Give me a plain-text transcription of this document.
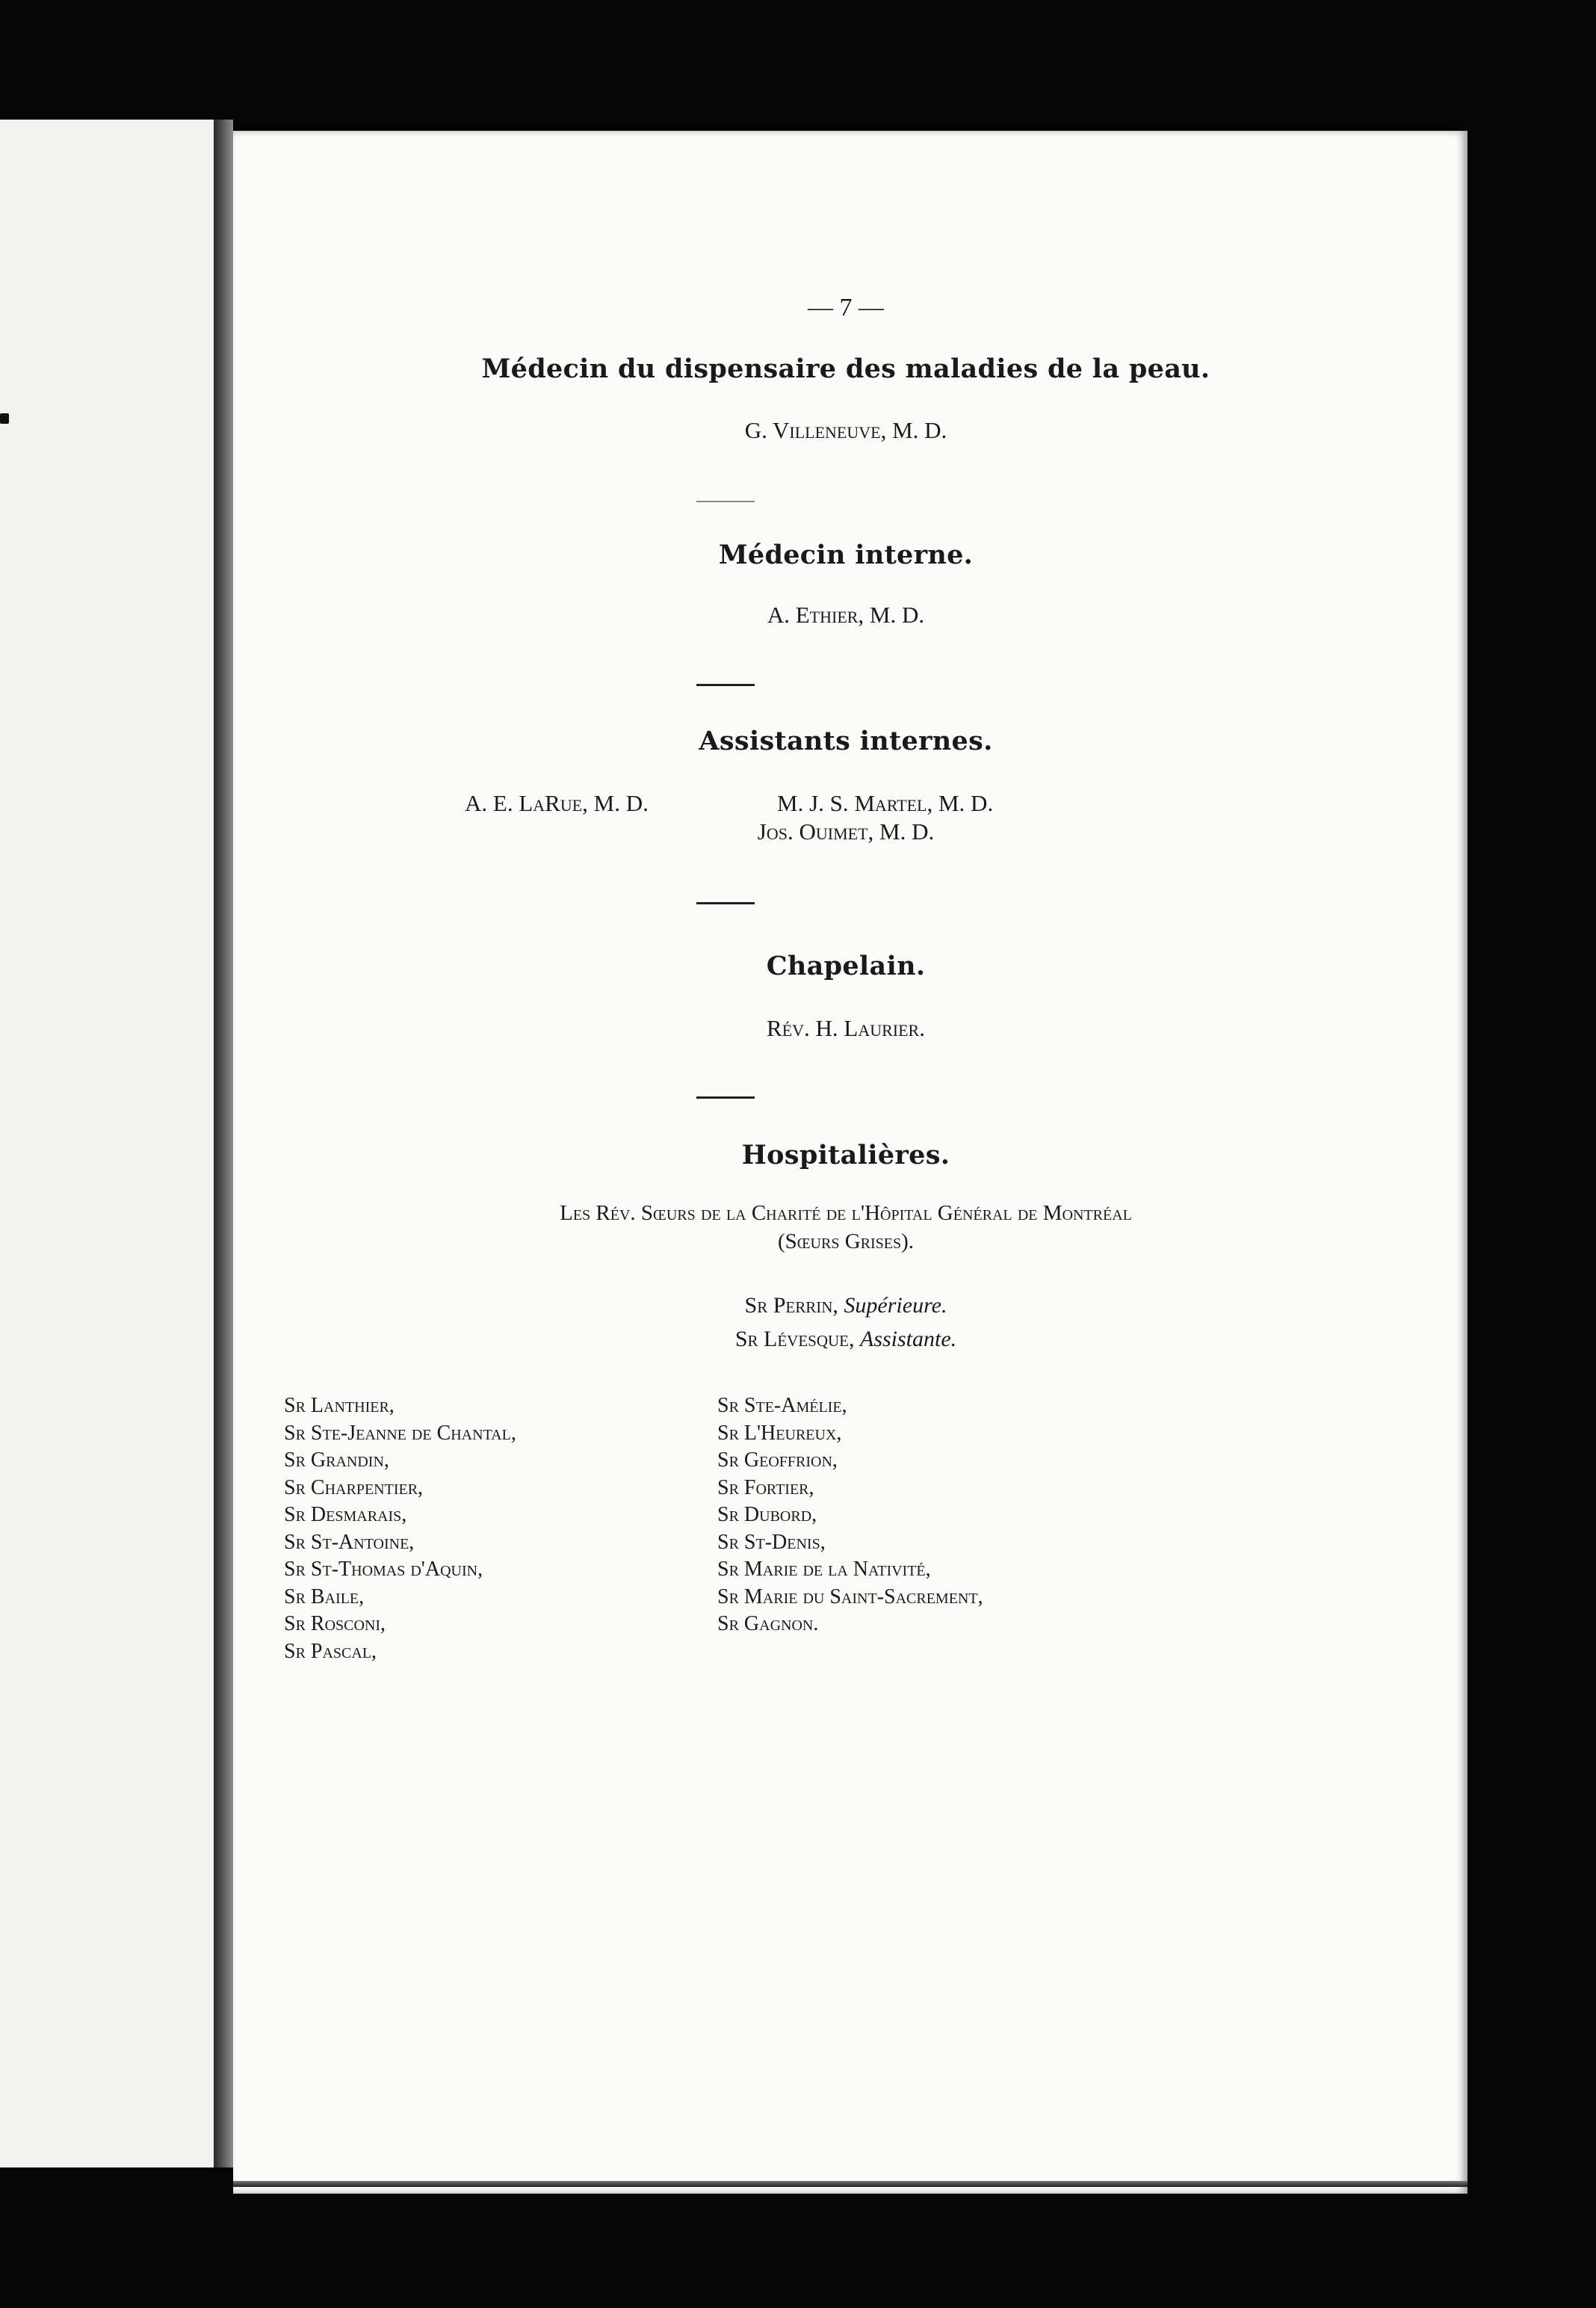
— 7 —
Médecin du dispensaire des maladies de la peau.
G. Villeneuve, M. D.
Médecin interne.
A. Ethier, M. D.
Assistants internes.
A. E. LaRue, M. D.	M. J. S. Martel, M. D.
Jos. Ouimet, M. D.
Chapelain.
Rév. H. Laurier.
Hospitalières.
Les Rév. Sœurs de la Charité de l'Hôpital Général de Montréal
(Sœurs Grises).
Sr Perrin, Supérieure.
Sr Lévesque, Assistante.
Sr Lanthier,
Sr Ste-Jeanne de Chantal,
Sr Grandin,
Sr Charpentier,
Sr Desmarais,
Sr St-Antoine,
Sr St-Thomas d'Aquin,
Sr Baile,
Sr Rosconi,
Sr Pascal,
Sr Ste-Amélie,
Sr L'Heureux,
Sr Geoffrion,
Sr Fortier,
Sr Dubord,
Sr St-Denis,
Sr Marie de la Nativité,
Sr Marie du Saint-Sacrement,
Sr Gagnon.
